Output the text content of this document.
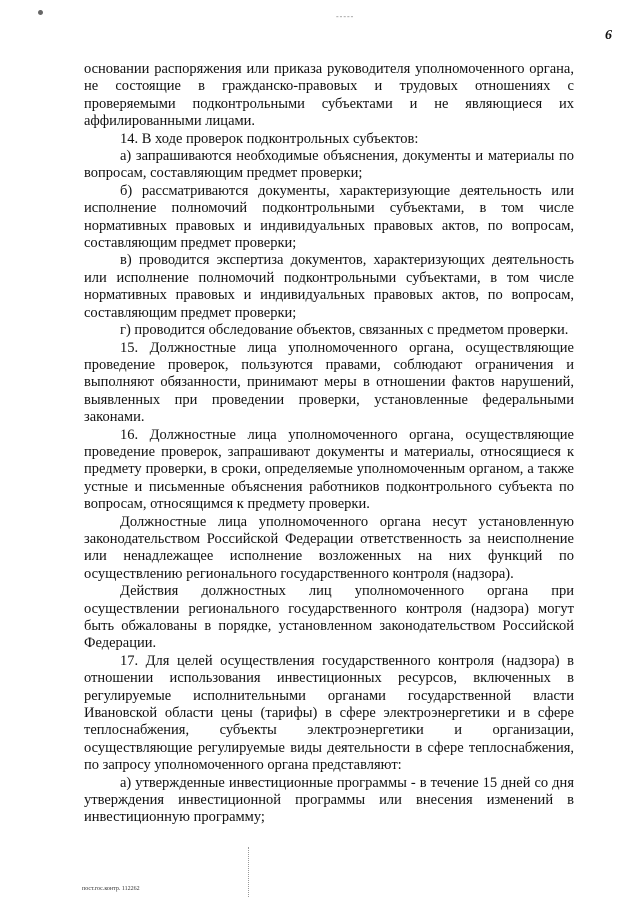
-----
6

основании распоряжения или приказа руководителя уполномоченного органа, не состоящие в гражданско-правовых и трудовых отношениях с проверяемыми подконтрольными субъектами и не являющиеся их аффилированными лицами.

14. В ходе проверок подконтрольных субъектов:

а) запрашиваются необходимые объяснения, документы и материалы по вопросам, составляющим предмет проверки;

б) рассматриваются документы, характеризующие деятельность или исполнение полномочий подконтрольными субъектами, в том числе нормативных правовых и индивидуальных правовых актов, по вопросам, составляющим предмет проверки;

в) проводится экспертиза документов, характеризующих деятельность или исполнение полномочий подконтрольными субъектами, в том числе нормативных правовых и индивидуальных правовых актов, по вопросам, составляющим предмет проверки;

г) проводится обследование объектов, связанных с предметом проверки.

15. Должностные лица уполномоченного органа, осуществляющие проведение проверок, пользуются правами, соблюдают ограничения и выполняют обязанности, принимают меры в отношении фактов нарушений, выявленных при проведении проверки, установленные федеральными законами.

16. Должностные лица уполномоченного органа, осуществляющие проведение проверок, запрашивают документы и материалы, относящиеся к предмету проверки, в сроки, определяемые уполномоченным органом, а также устные и письменные объяснения работников подконтрольного субъекта по вопросам, относящимся к предмету проверки.

Должностные лица уполномоченного органа несут установленную законодательством Российской Федерации ответственность за неисполнение или ненадлежащее исполнение возложенных на них функций по осуществлению регионального государственного контроля (надзора).

Действия должностных лиц уполномоченного органа при осуществлении регионального государственного контроля (надзора) могут быть обжалованы в порядке, установленном законодательством Российской Федерации.

17. Для целей осуществления государственного контроля (надзора) в отношении использования инвестиционных ресурсов, включенных в регулируемые исполнительными органами государственной власти Ивановской области цены (тарифы) в сфере электроэнергетики и в сфере теплоснабжения, субъекты электроэнергетики и организации, осуществляющие регулируемые виды деятельности в сфере теплоснабжения, по запросу уполномоченного органа представляют:

а) утвержденные инвестиционные программы - в течение 15 дней со дня утверждения инвестиционной программы или внесения изменений в инвестиционную программу;

пост.гос.контр. 112262
